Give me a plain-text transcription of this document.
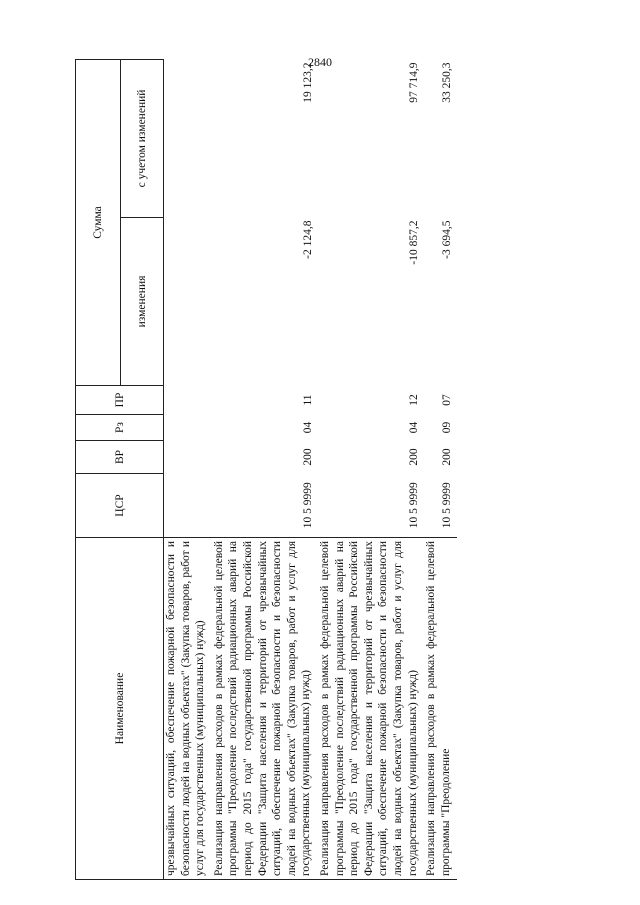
2840
Наименование	ЦСР	ВР	Рз	ПР	Сумма	
					изменения	с учетом изменений
чрезвычайных ситуаций, обеспечение пожарной безопасности и безопасности людей на водных объектах" (Закупка товаров, работ и услуг для государственных (муниципальных) нужд)						
Реализация направления расходов в рамках федеральной целевой программы "Преодоление последствий радиационных аварий на период до 2015 года" государственной программы Российской Федерации "Защита населения и территорий от чрезвычайных ситуаций, обеспечение пожарной безопасности и безопасности людей на водных объектах" (Закупка товаров, работ и услуг для государственных (муниципальных) нужд)	10 5 9999	200	04	11	-2 124,8	19 123,2
Реализация направления расходов в рамках федеральной целевой программы "Преодоление последствий радиационных аварий на период до 2015 года" государственной программы Российской Федерации "Защита населения и территорий от чрезвычайных ситуаций, обеспечение пожарной безопасности и безопасности людей на водных объектах" (Закупка товаров, работ и услуг для государственных (муниципальных) нужд)	10 5 9999	200	04	12	-10 857,2	97 714,9
Реализация направления расходов в рамках федеральной целевой программы "Преодоление	10 5 9999	200	09	07	-3 694,5	33 250,3
